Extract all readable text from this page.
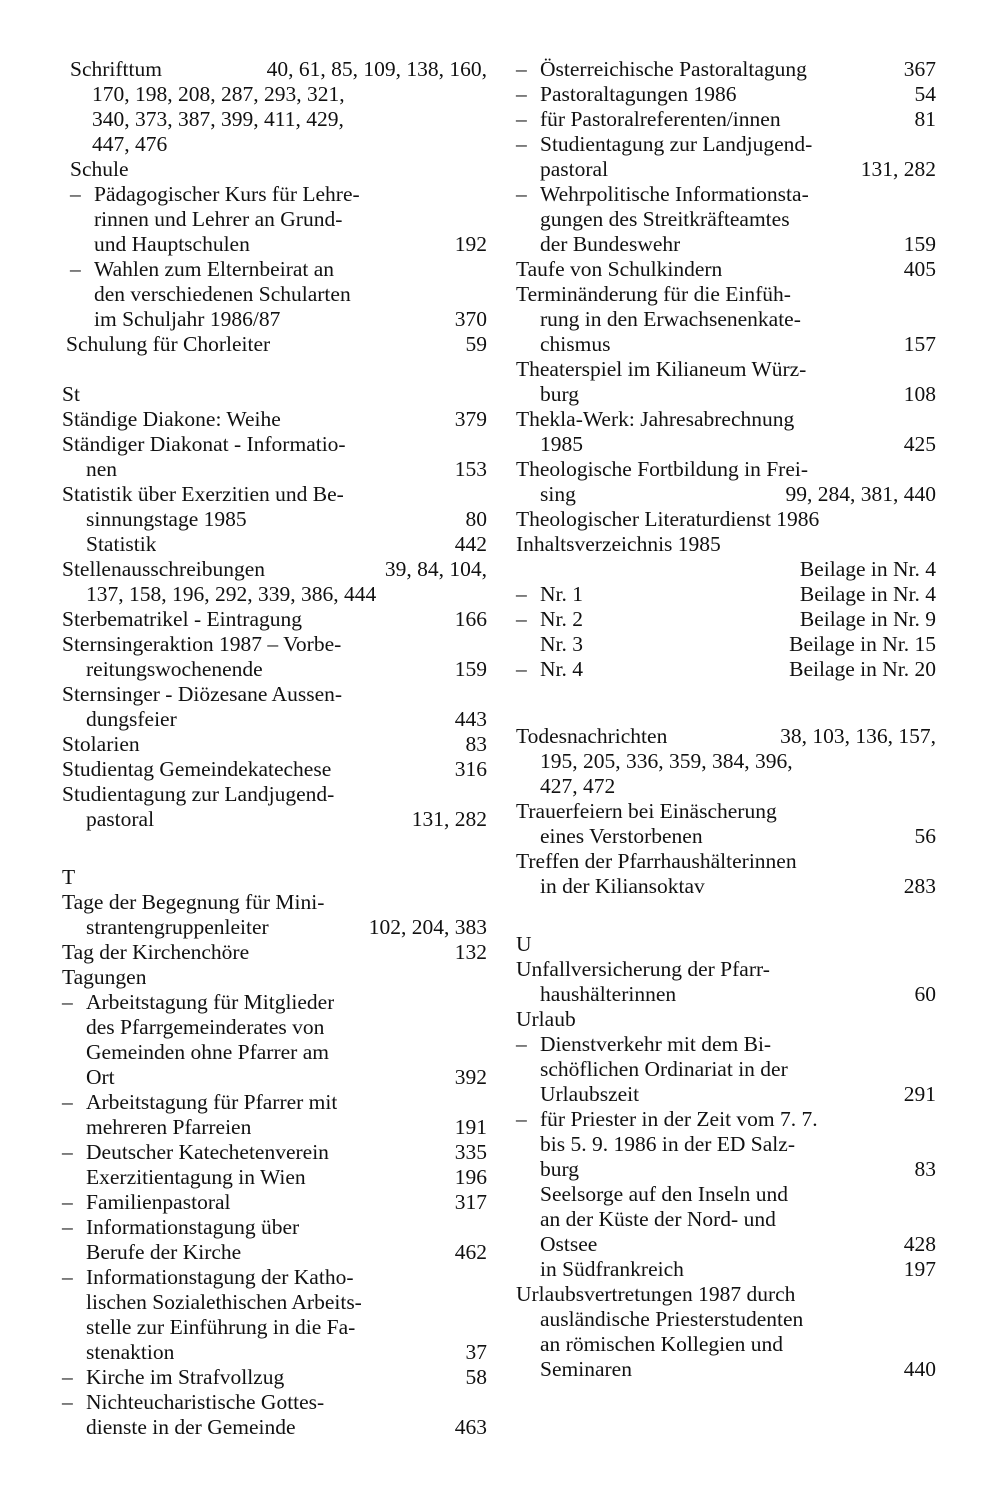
Schrifttum	40, 61, 85, 109, 138, 160,
170, 198, 208, 287, 293, 321,
340, 373, 387, 399, 411, 429,
447, 476
Schule
– Pädagogischer Kurs für Lehre-
rinnen und Lehrer an Grund-
und Hauptschulen	192
– Wahlen zum Elternbeirat an
den verschiedenen Schularten
im Schuljahr 1986/87	370
Schulung für Chorleiter	59
St
Ständige Diakone: Weihe	379
Ständiger Diakonat - Informatio-
nen	153
Statistik über Exerzitien und Be-
sinnungstage 1985	80
Statistik	442
Stellenausschreibungen	39, 84, 104,
137, 158, 196, 292, 339, 386, 444
Sterbematrikel - Eintragung	166
Sternsingeraktion 1987 – Vorbe-
reitungswochenende	159
Sternsinger - Diözesane Aussen-
dungsfeier	443
Stolarien	83
Studientag Gemeindekatechese	316
Studientagung zur Landjugend-
pastoral	131, 282
T
Tage der Begegnung für Mini-
strantengruppenleiter	102, 204, 383
Tag der Kirchenchöre	132
Tagungen
– Arbeitstagung für Mitglieder
des Pfarrgemeinderates von
Gemeinden ohne Pfarrer am
Ort	392
– Arbeitstagung für Pfarrer mit
mehreren Pfarreien	191
– Deutscher Katechetenverein	335
Exerzitientagung in Wien	196
– Familienpastoral	317
– Informationstagung über
Berufe der Kirche	462
– Informationstagung der Katho-
lischen Sozialethischen Arbeits-
stelle zur Einführung in die Fa-
stenaktion	37
– Kirche im Strafvollzug	58
– Nichteucharistische Gottes-
dienste in der Gemeinde	463
– Österreichische Pastoraltagung	367
– Pastoraltagungen 1986	54
– für Pastoralreferenten/innen	81
– Studientagung zur Landjugend-
pastoral	131, 282
– Wehrpolitische Informationsta-
gungen des Streitkräfteamtes
der Bundeswehr	159
Taufe von Schulkindern	405
Terminänderung für die Einfüh-
rung in den Erwachsenenkate-
chismus	157
Theaterspiel im Kilianeum Würz-
burg	108
Thekla-Werk: Jahresabrechnung
1985	425
Theologische Fortbildung in Frei-
sing	99, 284, 381, 440
Theologischer Literaturdienst 1986
Inhaltsverzeichnis 1985
Beilage in Nr. 4
– Nr. 1	Beilage in Nr. 4
– Nr. 2	Beilage in Nr. 9
Nr. 3	Beilage in Nr. 15
– Nr. 4	Beilage in Nr. 20
Todesnachrichten	38, 103, 136, 157,
195, 205, 336, 359, 384, 396,
427, 472
Trauerfeiern bei Einäscherung
eines Verstorbenen	56
Treffen der Pfarrhaushälterinnen
in der Kiliansoktav	283
U
Unfallversicherung der Pfarr-
haushälterinnen	60
Urlaub
– Dienstverkehr mit dem Bi-
schöflichen Ordinariat in der
Urlaubszeit	291
– für Priester in der Zeit vom 7. 7.
bis 5. 9. 1986 in der ED Salz-
burg	83
Seelsorge auf den Inseln und
an der Küste der Nord- und
Ostsee	428
in Südfrankreich	197
Urlaubsvertretungen 1987 durch
ausländische Priesterstudenten
an römischen Kollegien und
Seminaren	440
